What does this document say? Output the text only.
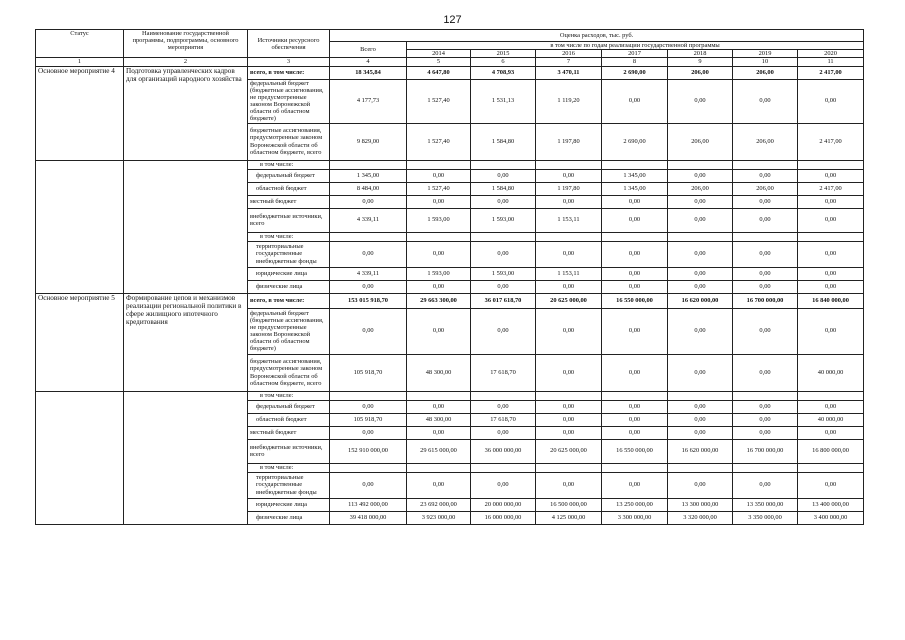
127
Статус	Наименование государственной программы, подпрограммы, основного мероприятия	Источники ресурсного обеспечения	Оценка расходов, тыс. руб.							
			Всего	в том числе по годам реализации государственной программы						
				2014	2015	2016	2017	2018	2019	2020
1	2	3	4	5	6	7	8	9	10	11
Основное мероприятие 4	Подготовка управленческих кадров для организаций народного хозяйства	всего, в том числе:	18 345,84	4 647,80	4 708,93	3 470,11	2 690,00	206,00	206,00	2 417,00
		федеральный бюджет (бюджетные ассигнования, не предусмотренные законом Воронежской области об областном бюджете)	4 177,73	1 527,40	1 531,13	1 119,20	0,00	0,00	0,00	0,00
		бюджетные ассигнования, предусмотренные законом Воронежской области об областном бюджете, всего	9 829,00	1 527,40	1 584,80	1 197,80	2 690,00	206,00	206,00	2 417,00
		в том числе:								
		федеральный бюджет	1 345,00	0,00	0,00	0,00	1 345,00	0,00	0,00	0,00
		областной бюджет	8 484,00	1 527,40	1 584,80	1 197,80	1 345,00	206,00	206,00	2 417,00
		местный бюджет	0,00	0,00	0,00	0,00	0,00	0,00	0,00	0,00
		внебюджетные источники, всего	4 339,11	1 593,00	1 593,00	1 153,11	0,00	0,00	0,00	0,00
		в том числе:								
		территориальные государственные внебюджетные фонды	0,00	0,00	0,00	0,00	0,00	0,00	0,00	0,00
		юридические лица	4 339,11	1 593,00	1 593,00	1 153,11	0,00	0,00	0,00	0,00
		физические лица	0,00	0,00	0,00	0,00	0,00	0,00	0,00	0,00
Основное мероприятие 5	Формирование цепов и механизмов реализации региональной политики в сфере жилищного ипотечного кредитования	всего, в том числе:	153 015 918,70	29 663 300,00	36 017 618,70	20 625 000,00	16 550 000,00	16 620 000,00	16 700 000,00	16 840 000,00
		федеральный бюджет (бюджетные ассигнования, не предусмотренные законом Воронежской области об областном бюджете)	0,00	0,00	0,00	0,00	0,00	0,00	0,00	0,00
		бюджетные ассигнования, предусмотренные законом Воронежской области об областном бюджете, всего	105 918,70	48 300,00	17 618,70	0,00	0,00	0,00	0,00	40 000,00
		в том числе:								
		федеральный бюджет	0,00	0,00	0,00	0,00	0,00	0,00	0,00	0,00
		областной бюджет	105 918,70	48 300,00	17 618,70	0,00	0,00	0,00	0,00	40 000,00
		местный бюджет	0,00	0,00	0,00	0,00	0,00	0,00	0,00	0,00
		внебюджетные источники, всего	152 910 000,00	29 615 000,00	36 000 000,00	20 625 000,00	16 550 000,00	16 620 000,00	16 700 000,00	16 800 000,00
		в том числе:								
		территориальные государственные внебюджетные фонды	0,00	0,00	0,00	0,00	0,00	0,00	0,00	0,00
		юридические лица	113 492 000,00	23 692 000,00	20 000 000,00	16 500 000,00	13 250 000,00	13 300 000,00	13 350 000,00	13 400 000,00
		физические лица	39 418 000,00	3 923 000,00	16 000 000,00	4 125 000,00	3 300 000,00	3 320 000,00	3 350 000,00	3 400 000,00
